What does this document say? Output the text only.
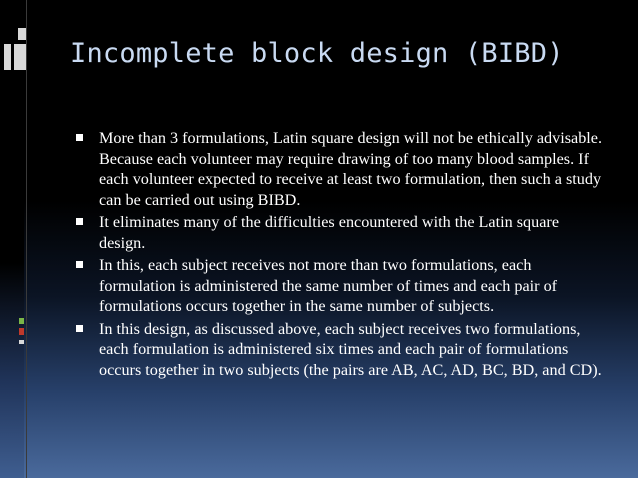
Incomplete block design (BIBD)
More than 3 formulations, Latin square design will not be ethically advisable. Because each volunteer may require drawing of too many blood samples. If each volunteer expected to receive at least two formulation, then such a study can be carried out using BIBD.
It eliminates many of the difficulties encountered with the Latin square design.
In this, each subject receives not more than two formulations, each formulation is administered the same number of times and each pair of formulations occurs together in the same number of subjects.
In this design, as discussed above, each subject receives two formulations, each formulation is administered six times and each pair of formulations occurs together in two subjects (the pairs are AB, AC, AD, BC, BD, and CD).
